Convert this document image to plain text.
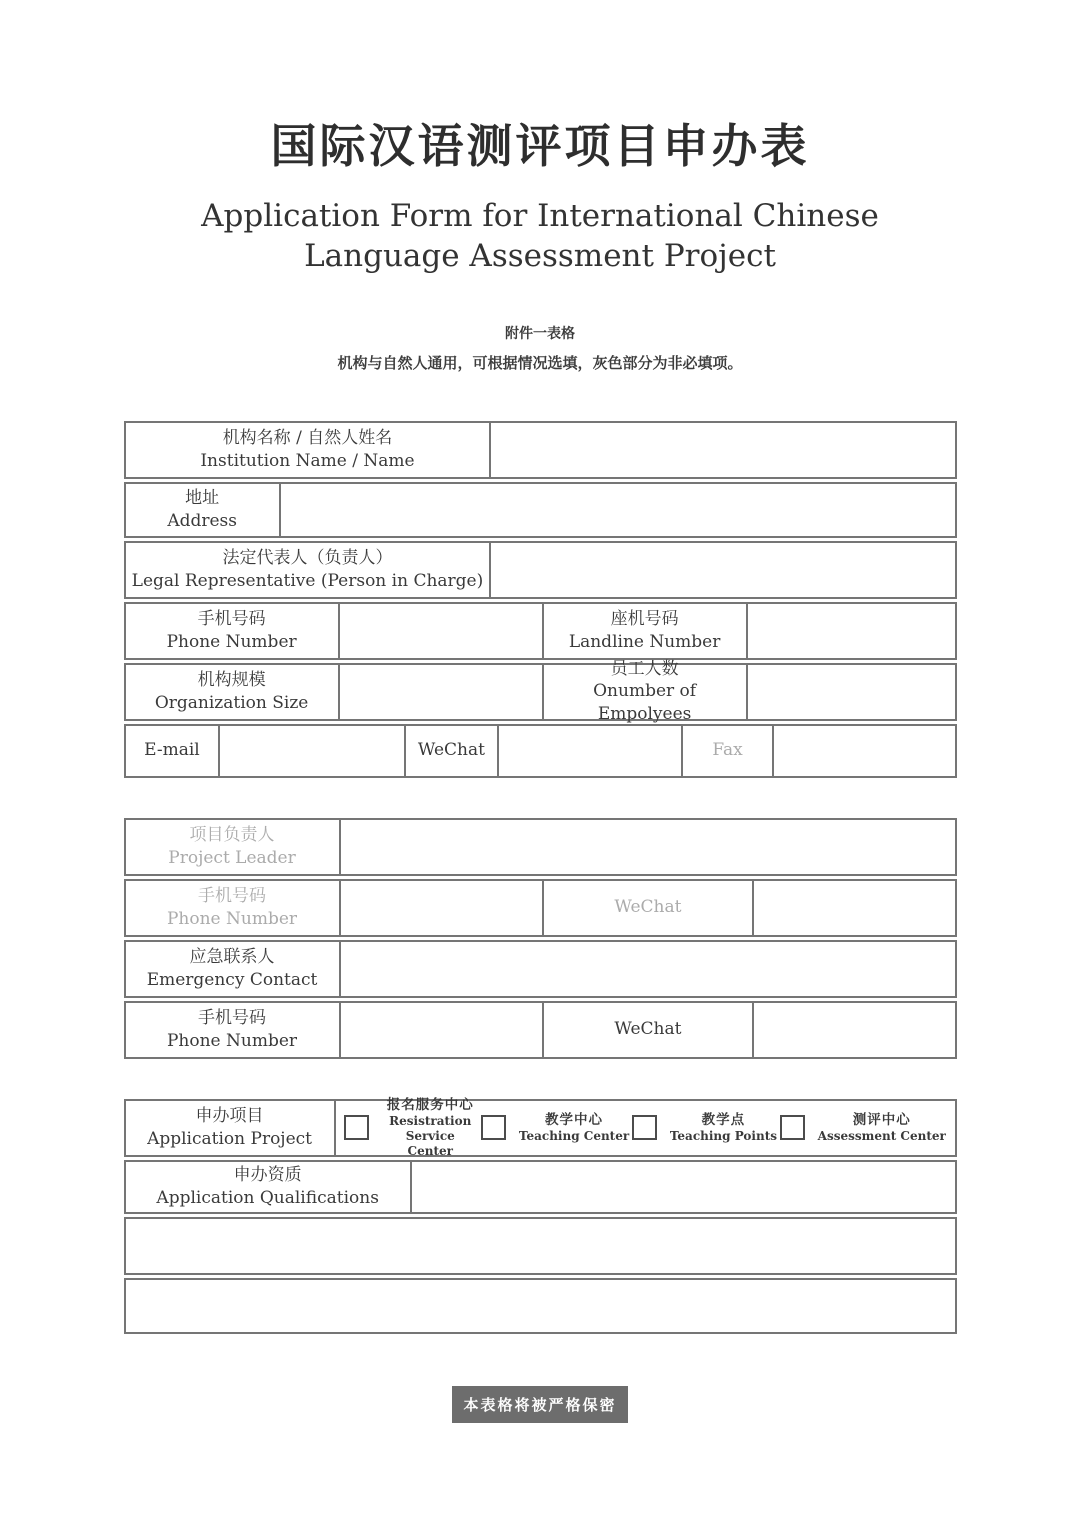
国际汉语测评项目申办表
Application Form for International Chinese Language Assessment Project
附件一表格
机构与自然人通用，可根据情况选填，灰色部分为非必填项。
机构名称 / 自然人姓名
Institution Name / Name
地址
Address
法定代表人（负责人）
Legal Representative (Person in Charge)
手机号码
Phone Number
座机号码
Landline Number
机构规模
Organization Size
员工人数
Onumber of Empolyees
E-mail	WeChat	Fax
项目负责人
Project Leader
手机号码
Phone Number
WeChat
应急联系人
Emergency Contact
手机号码
Phone Number
WeChat
申办项目
Application Project
报名服务中心
Resistration Service Center
教学中心
Teaching Center
教学点
Teaching Points
测评中心
Assessment Center
申办资质
Application Qualifications
本表格将被严格保密
